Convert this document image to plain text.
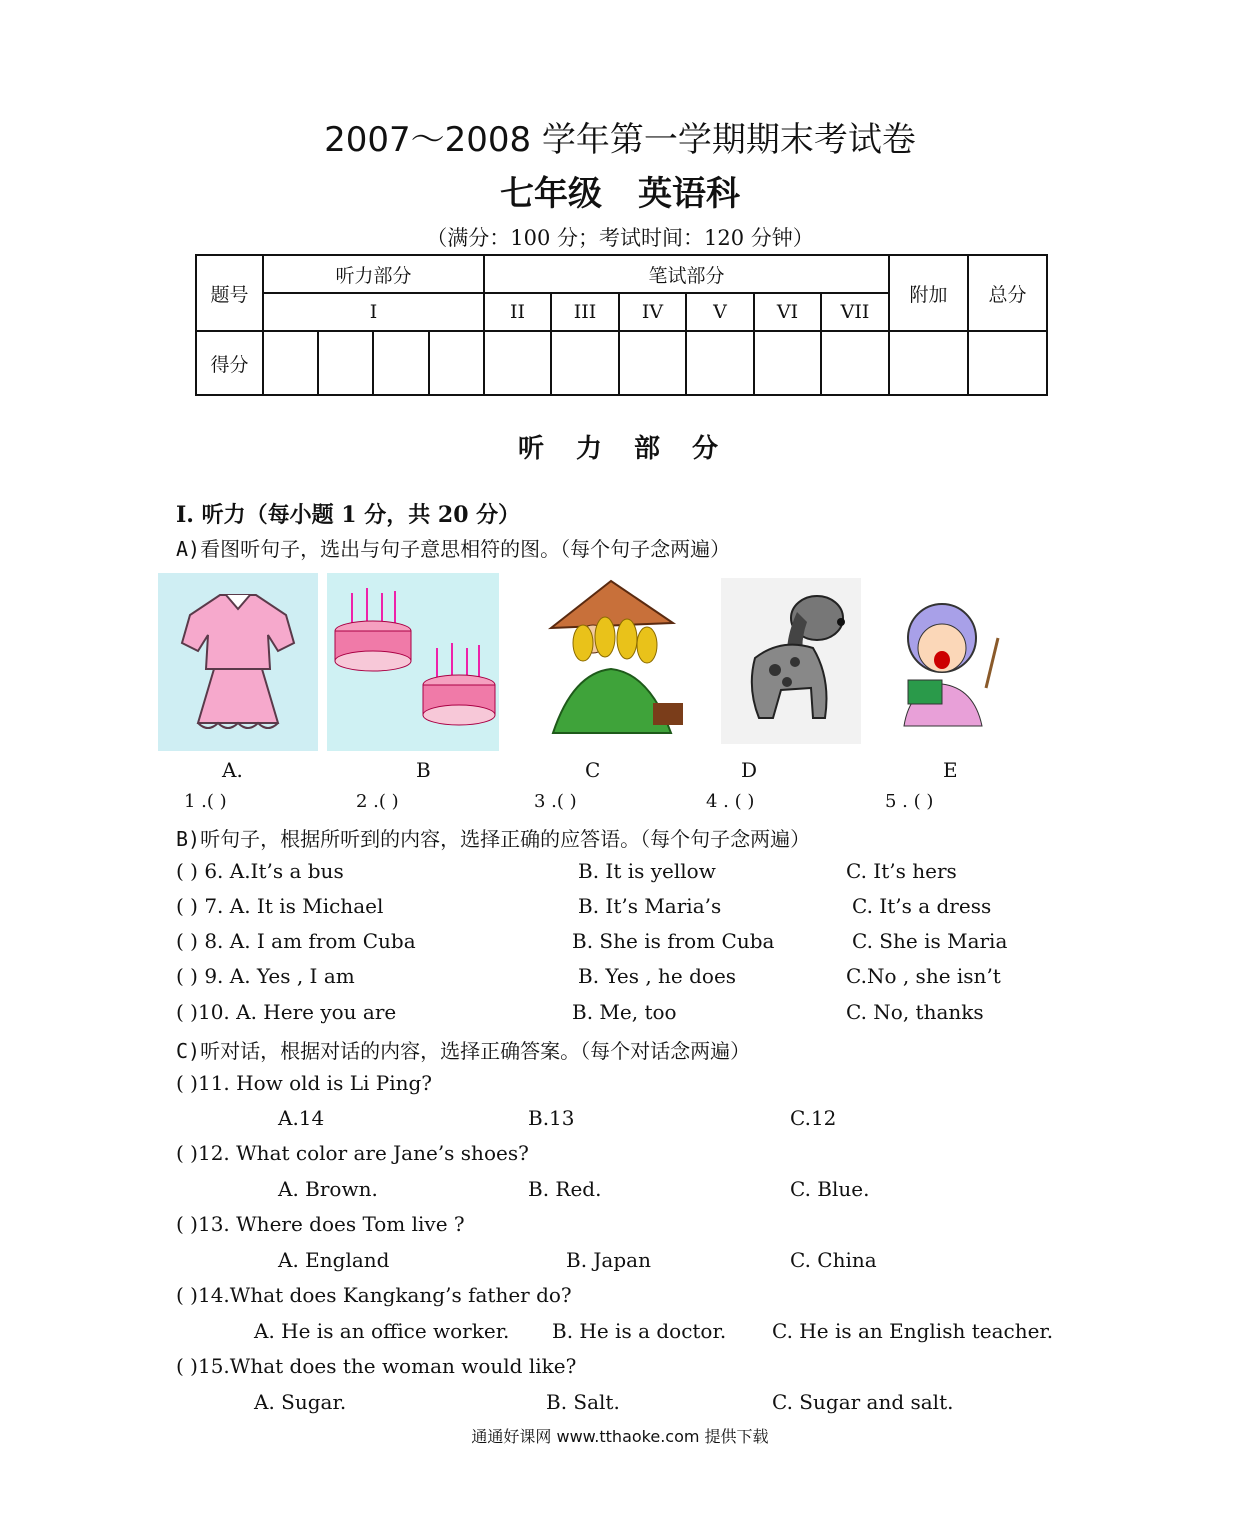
2007～2008 学年第一学期期末考试卷
七年级 英语科
（满分：100 分；考试时间：120 分钟）
题号	听力部分				笔试部分						附加	总分
	I				II	III	IV	V	VI	VII		
得分												
听 力 部 分
I. 听力（每小题 1 分，共 20 分）
A)看图听句子，选出与句子意思相符的图。（每个句子念两遍）
A.	B	C	D	E
1 .( )	2 .( )	3 .( )	4 . ( )	5 . ( )
B)听句子，根据所听到的内容，选择正确的应答语。（每个句子念两遍）
( ) 6. A.It’s a bus	B. It is yellow	C. It’s hers
( ) 7. A. It is Michael	B. It’s Maria’s	C. It’s a dress
( ) 8. A. I am from Cuba	B. She is from Cuba	C. She is Maria
( ) 9. A. Yes , I am	B. Yes , he does	C.No , she isn’t
( )10. A. Here you are	B. Me, too	C. No, thanks
C)听对话，根据对话的内容，选择正确答案。（每个对话念两遍）
( )11. How old is Li Ping?
A.14	B.13	C.12
( )12. What color are Jane’s shoes?
A. Brown.	B. Red.	C. Blue.
( )13. Where does Tom live ?
A. England	B. Japan	C. China
( )14.What does Kangkang’s father do?
A. He is an office worker. B. He is a doctor. C. He is an English teacher.
( )15.What does the woman would like?
A. Sugar.	B. Salt.	C. Sugar and salt.
通通好课网 www.tthaoke.com 提供下载
